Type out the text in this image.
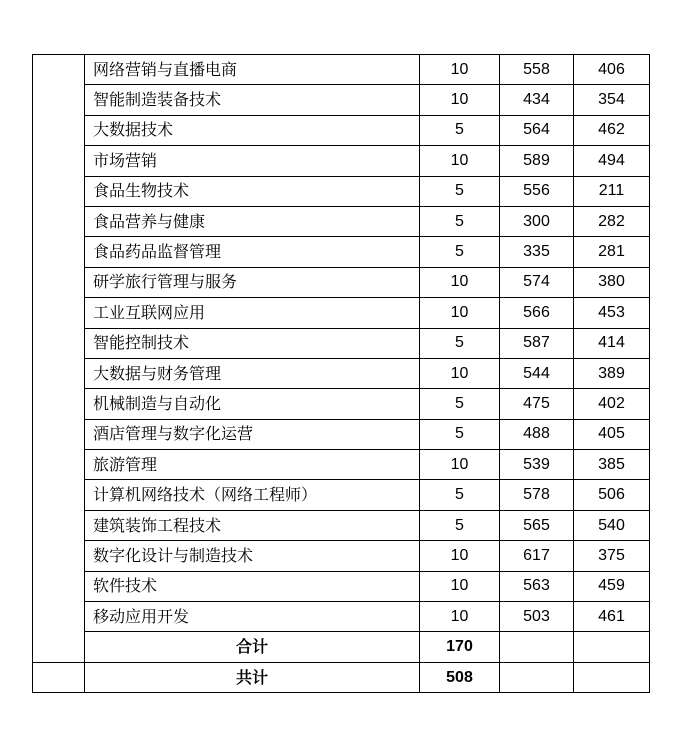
	网络营销与直播电商	10	558	406
	智能制造装备技术	10	434	354
	大数据技术	5	564	462
	市场营销	10	589	494
	食品生物技术	5	556	211
	食品营养与健康	5	300	282
	食品药品监督管理	5	335	281
	研学旅行管理与服务	10	574	380
	工业互联网应用	10	566	453
	智能控制技术	5	587	414
	大数据与财务管理	10	544	389
	机械制造与自动化	5	475	402
	酒店管理与数字化运营	5	488	405
	旅游管理	10	539	385
	计算机网络技术（网络工程师）	5	578	506
	建筑装饰工程技术	5	565	540
	数字化设计与制造技术	10	617	375
	软件技术	10	563	459
	移动应用开发	10	503	461
	合计	170		
	共计	508		
